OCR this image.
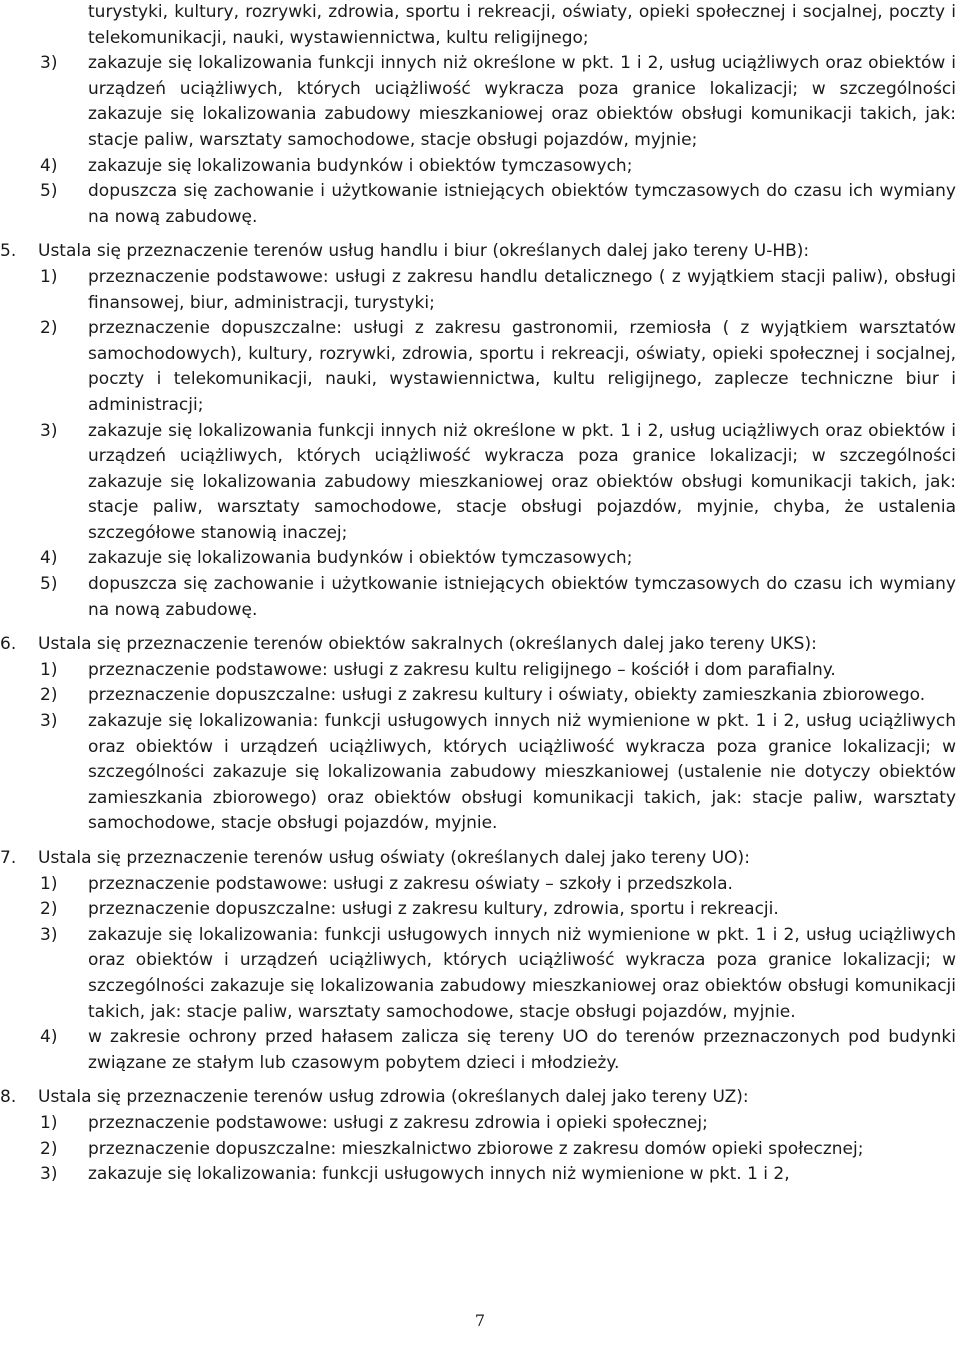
turystyki, kultury, rozrywki, zdrowia, sportu i rekreacji, oświaty, opieki społecznej i socjalnej, poczty i telekomunikacji, nauki, wystawiennictwa, kultu religijnego;
3)	zakazuje się lokalizowania funkcji innych niż określone w pkt. 1 i 2, usług uciążliwych oraz obiektów i urządzeń uciążliwych, których uciążliwość wykracza poza granice lokalizacji; w szczególności zakazuje się lokalizowania zabudowy mieszkaniowej oraz obiektów obsługi komunikacji takich, jak: stacje paliw, warsztaty samochodowe, stacje obsługi pojazdów, myjnie;
4)	zakazuje się lokalizowania budynków i obiektów tymczasowych;
5)	dopuszcza się zachowanie i użytkowanie istniejących obiektów tymczasowych do czasu ich wymiany na nową zabudowę.
5.	Ustala się przeznaczenie terenów usług handlu i biur (określanych dalej jako tereny U-HB):
1)	przeznaczenie podstawowe: usługi z zakresu handlu detalicznego ( z wyjątkiem stacji paliw), obsługi finansowej, biur, administracji, turystyki;
2)	przeznaczenie dopuszczalne: usługi z zakresu gastronomii, rzemiosła ( z wyjątkiem warsztatów samochodowych), kultury, rozrywki, zdrowia, sportu i rekreacji, oświaty, opieki społecznej i socjalnej, poczty i telekomunikacji, nauki, wystawiennictwa, kultu religijnego, zaplecze techniczne biur i administracji;
3)	zakazuje się lokalizowania funkcji innych niż określone w pkt. 1 i 2, usług uciążliwych oraz obiektów i urządzeń uciążliwych, których uciążliwość wykracza poza granice lokalizacji; w szczególności zakazuje się lokalizowania zabudowy mieszkaniowej oraz obiektów obsługi komunikacji takich, jak: stacje paliw, warsztaty samochodowe, stacje obsługi pojazdów, myjnie, chyba, że ustalenia szczegółowe stanowią inaczej;
4)	zakazuje się lokalizowania budynków i obiektów tymczasowych;
5)	dopuszcza się zachowanie i użytkowanie istniejących obiektów tymczasowych do czasu ich wymiany na nową zabudowę.
6.	Ustala się przeznaczenie terenów obiektów sakralnych (określanych dalej jako tereny UKS):
1)	przeznaczenie podstawowe: usługi z zakresu kultu religijnego – kościół i dom parafialny.
2)	przeznaczenie dopuszczalne: usługi z zakresu kultury i oświaty, obiekty zamieszkania zbiorowego.
3)	zakazuje się lokalizowania: funkcji usługowych innych niż wymienione w pkt. 1 i 2, usług uciążliwych oraz obiektów i urządzeń uciążliwych, których uciążliwość wykracza poza granice lokalizacji; w szczególności zakazuje się lokalizowania zabudowy mieszkaniowej (ustalenie nie dotyczy obiektów zamieszkania zbiorowego) oraz obiektów obsługi komunikacji takich, jak: stacje paliw, warsztaty samochodowe, stacje obsługi pojazdów, myjnie.
7.	Ustala się przeznaczenie terenów usług oświaty (określanych dalej jako tereny UO):
1)	przeznaczenie podstawowe: usługi z zakresu oświaty – szkoły i przedszkola.
2)	przeznaczenie dopuszczalne: usługi z zakresu kultury, zdrowia, sportu i rekreacji.
3)	zakazuje się lokalizowania: funkcji usługowych innych niż wymienione w pkt. 1 i 2, usług uciążliwych oraz obiektów i urządzeń uciążliwych, których uciążliwość wykracza poza granice lokalizacji; w szczególności zakazuje się lokalizowania zabudowy mieszkaniowej oraz obiektów obsługi komunikacji takich, jak: stacje paliw, warsztaty samochodowe, stacje obsługi pojazdów, myjnie.
4)	w zakresie ochrony przed hałasem zalicza się tereny UO do terenów przeznaczonych pod budynki związane ze stałym lub czasowym pobytem dzieci i młodzieży.
8.	Ustala się przeznaczenie terenów usług zdrowia (określanych dalej jako tereny UZ):
1)	przeznaczenie podstawowe: usługi z zakresu zdrowia i opieki społecznej;
2)	przeznaczenie dopuszczalne: mieszkalnictwo zbiorowe z zakresu domów opieki społecznej;
3)	zakazuje się lokalizowania: funkcji usługowych innych niż wymienione w pkt. 1 i 2,
7
